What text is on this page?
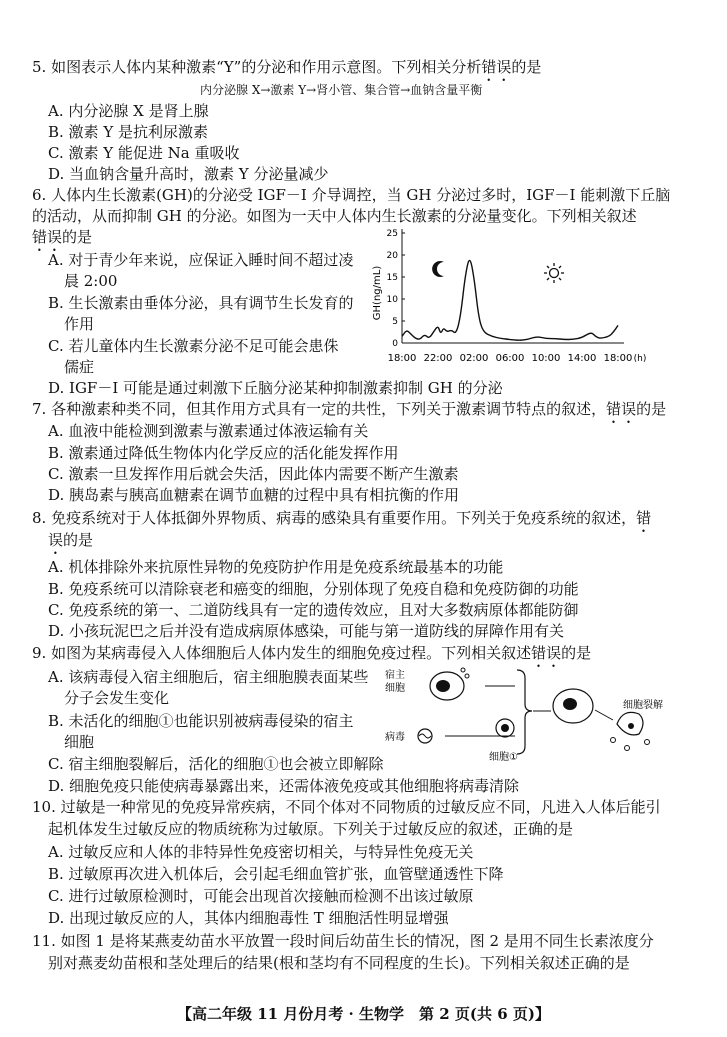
5. 如图表示人体内某种激素“Y”的分泌和作用示意图。下列相关分析错误的是
内分泌腺 X→激素 Y→肾小管、集合管→血钠含量平衡
A. 内分泌腺 X 是肾上腺
B. 激素 Y 是抗利尿激素
C. 激素 Y 能促进 Na 重吸收
D. 当血钠含量升高时，激素 Y 分泌量减少
6. 人体内生长激素(GH)的分泌受 IGF－I 介导调控，当 GH 分泌过多时，IGF－I 能刺激下丘脑
的活动，从而抑制 GH 的分泌。如图为一天中人体内生长激素的分泌量变化。下列相关叙述
错误的是
A. 对于青少年来说，应保证入睡时间不超过凌
晨 2:00
B. 生长激素由垂体分泌，具有调节生长发育的
作用
C. 若儿童体内生长激素分泌不足可能会患侏
儒症
D. IGF－I 可能是通过刺激下丘脑分泌某种抑制激素抑制 GH 的分泌
GH(ng/mL)
0
5
10
15
20
25
18:00 22:00 02:00 06:00 10:00 14:00 18:00 (h)
7. 各种激素种类不同，但其作用方式具有一定的共性，下列关于激素调节特点的叙述，错误的是
A. 血液中能检测到激素与激素通过体液运输有关
B. 激素通过降低生物体内化学反应的活化能发挥作用
C. 激素一旦发挥作用后就会失活，因此体内需要不断产生激素
D. 胰岛素与胰高血糖素在调节血糖的过程中具有相抗衡的作用
8. 免疫系统对于人体抵御外界物质、病毒的感染具有重要作用。下列关于免疫系统的叙述，错
误的是
A. 机体排除外来抗原性异物的免疫防护作用是免疫系统最基本的功能
B. 免疫系统可以清除衰老和癌变的细胞，分别体现了免疫自稳和免疫防御的功能
C. 免疫系统的第一、二道防线具有一定的遗传效应，且对大多数病原体都能防御
D. 小孩玩泥巴之后并没有造成病原体感染，可能与第一道防线的屏障作用有关
9. 如图为某病毒侵入人体细胞后人体内发生的细胞免疫过程。下列相关叙述错误的是
A. 该病毒侵入宿主细胞后，宿主细胞膜表面某些
分子会发生变化
B. 未活化的细胞①也能识别被病毒侵染的宿主
细胞
C. 宿主细胞裂解后，活化的细胞①也会被立即解除
D. 细胞免疫只能使病毒暴露出来，还需体液免疫或其他细胞将病毒清除
宿主
细胞
病毒
细胞①
细胞裂解
10. 过敏是一种常见的免疫异常疾病，不同个体对不同物质的过敏反应不同，凡进入人体后能引
起机体发生过敏反应的物质统称为过敏原。下列关于过敏反应的叙述，正确的是
A. 过敏反应和人体的非特异性免疫密切相关，与特异性免疫无关
B. 过敏原再次进入机体后，会引起毛细血管扩张，血管壁通透性下降
C. 进行过敏原检测时，可能会出现首次接触而检测不出该过敏原
D. 出现过敏反应的人，其体内细胞毒性 T 细胞活性明显增强
11. 如图 1 是将某燕麦幼苗水平放置一段时间后幼苗生长的情况，图 2 是用不同生长素浓度分
别对燕麦幼苗根和茎处理后的结果(根和茎均有不同程度的生长)。下列相关叙述正确的是
【高二年级 11 月份月考 · 生物学　第 2 页(共 6 页)】
